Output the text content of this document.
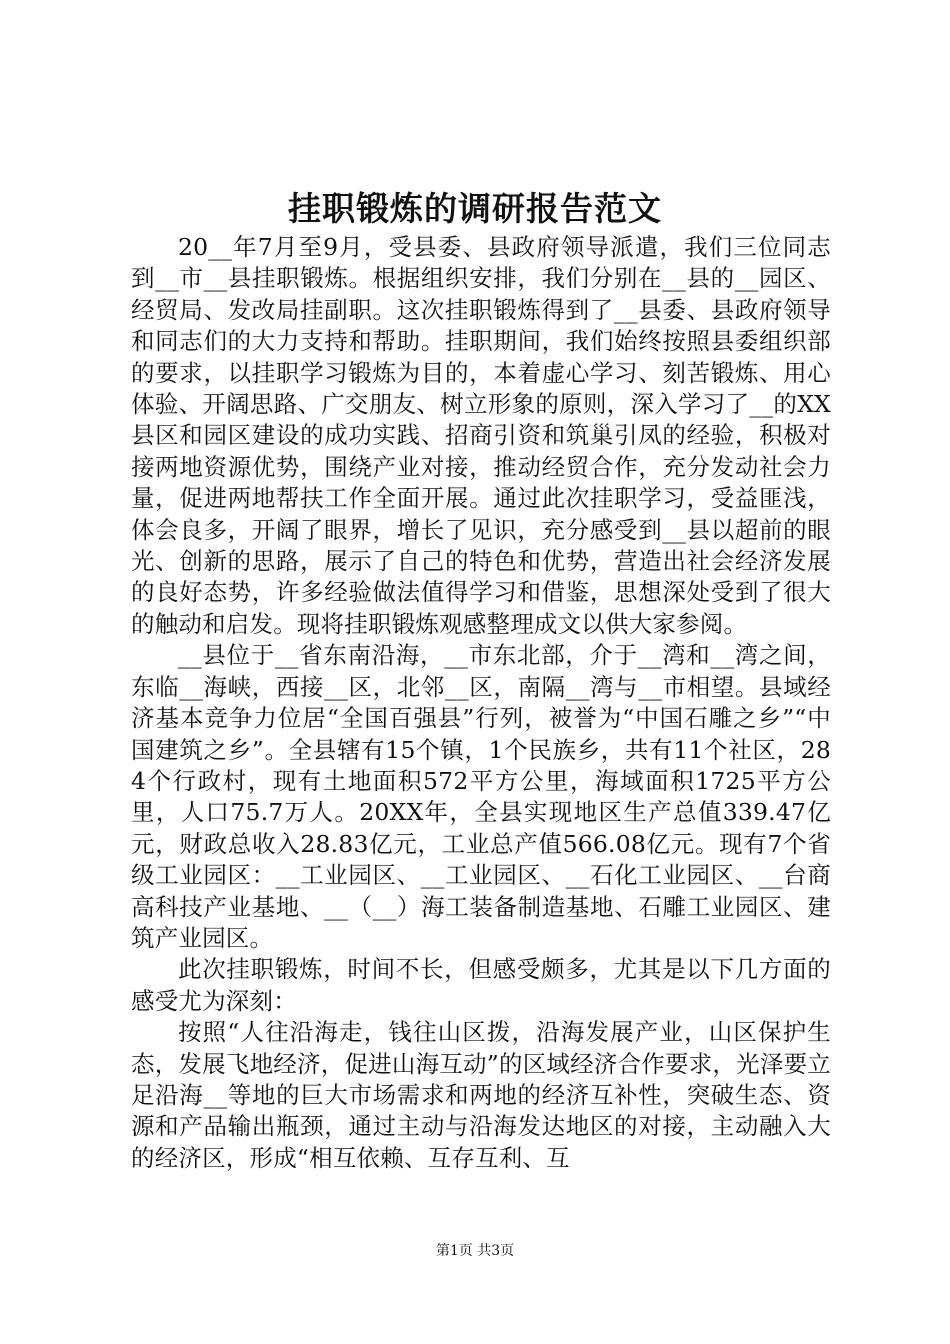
挂职锻炼的调研报告范文

20__年7月至9月，受县委、县政府领导派遣，我们三位同志到__市__县挂职锻炼。根据组织安排，我们分别在__县的__园区、经贸局、发改局挂副职。这次挂职锻炼得到了__县委、县政府领导和同志们的大力支持和帮助。挂职期间，我们始终按照县委组织部的要求，以挂职学习锻炼为目的，本着虚心学习、刻苦锻炼、用心体验、开阔思路、广交朋友、树立形象的原则，深入学习了__的XX县区和园区建设的成功实践、招商引资和筑巢引凤的经验，积极对接两地资源优势，围绕产业对接，推动经贸合作，充分发动社会力量，促进两地帮扶工作全面开展。通过此次挂职学习，受益匪浅，体会良多，开阔了眼界，增长了见识，充分感受到__县以超前的眼光、创新的思路，展示了自己的特色和优势，营造出社会经济发展的良好态势，许多经验做法值得学习和借鉴，思想深处受到了很大的触动和启发。现将挂职锻炼观感整理成文以供大家参阅。

__县位于__省东南沿海，__市东北部，介于__湾和__湾之间，东临__海峡，西接__区，北邻__区，南隔__湾与__市相望。县域经济基本竞争力位居“全国百强县”行列，被誉为“中国石雕之乡”“中国建筑之乡”。全县辖有15个镇，1个民族乡，共有11个社区，284个行政村，现有土地面积572平方公里，海域面积1725平方公里，人口75.7万人。20XX年，全县实现地区生产总值339.47亿元，财政总收入28.83亿元，工业总产值566.08亿元。现有7个省级工业园区：__工业园区、__工业园区、__石化工业园区、__台商高科技产业基地、__（__）海工装备制造基地、石雕工业园区、建筑产业园区。

此次挂职锻炼，时间不长，但感受颇多，尤其是以下几方面的感受尤为深刻：

按照“人往沿海走，钱往山区拨，沿海发展产业，山区保护生态，发展飞地经济，促进山海互动”的区域经济合作要求，光泽要立足沿海__等地的巨大市场需求和两地的经济互补性，突破生态、资源和产品输出瓶颈，通过主动与沿海发达地区的对接，主动融入大的经济区，形成“相互依赖、互存互利、互

第1页 共3页
